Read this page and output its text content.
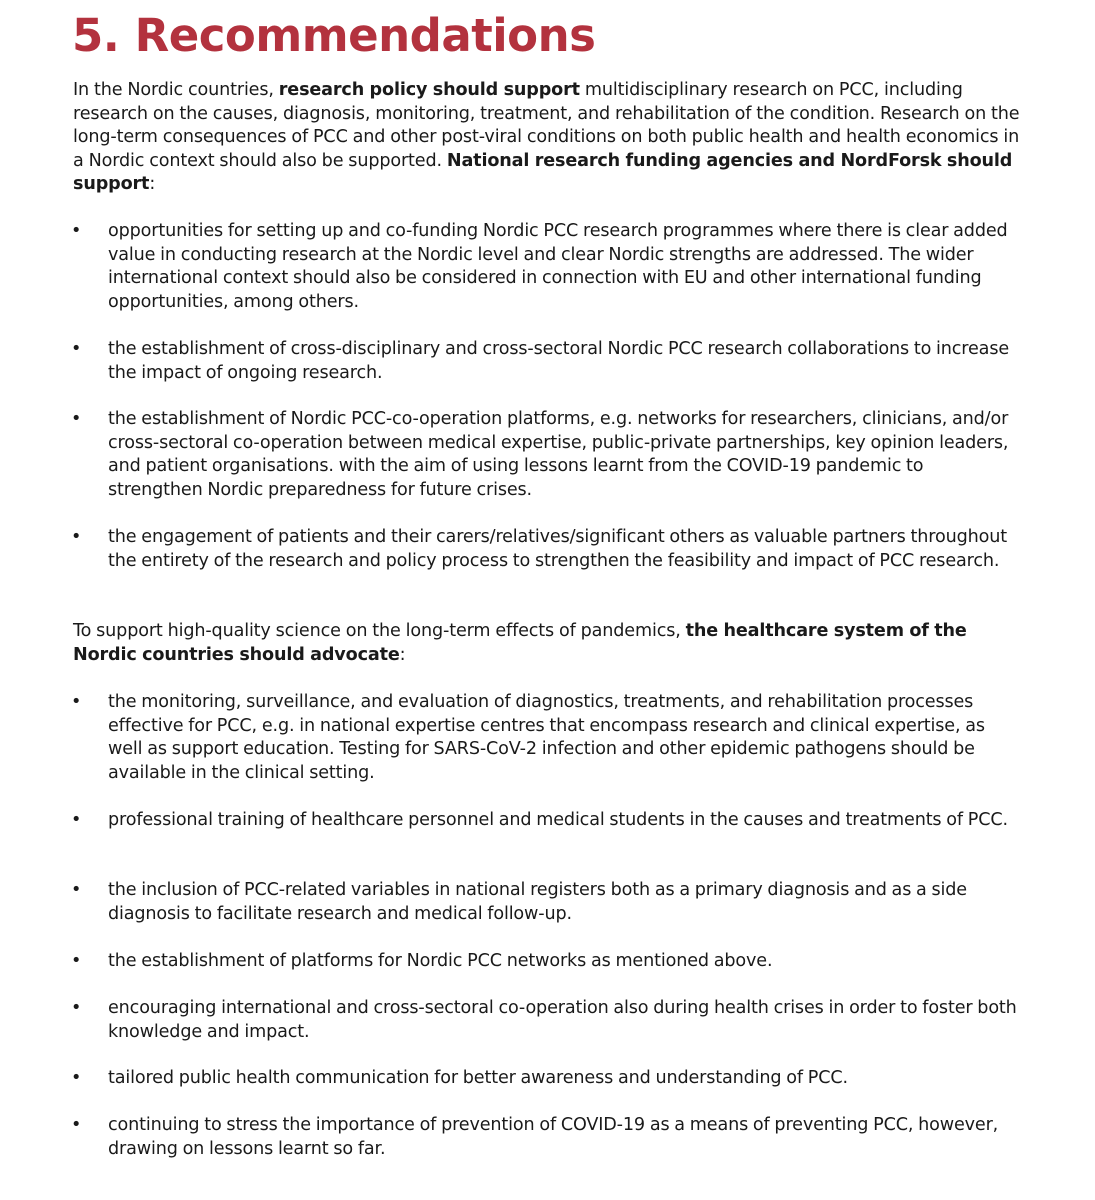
5. Recommendations

In the Nordic countries, research policy should support multidisciplinary research on PCC, including research on the causes, diagnosis, monitoring, treatment, and rehabilitation of the condition. Research on the long-term consequences of PCC and other post-viral conditions on both public health and health economics in a Nordic context should also be supported. National research funding agencies and NordForsk should support:

• opportunities for setting up and co-funding Nordic PCC research programmes where there is clear added value in conducting research at the Nordic level and clear Nordic strengths are addressed. The wider international context should also be considered in connection with EU and other international funding opportunities, among others.
• the establishment of cross-disciplinary and cross-sectoral Nordic PCC research collaborations to increase the impact of ongoing research.
• the establishment of Nordic PCC-co-operation platforms, e.g. networks for researchers, clinicians, and/or cross-sectoral co-operation between medical expertise, public-private partnerships, key opinion leaders, and patient organisations. with the aim of using lessons learnt from the COVID-19 pandemic to strengthen Nordic preparedness for future crises.
• the engagement of patients and their carers/relatives/significant others as valuable partners throughout the entirety of the research and policy process to strengthen the feasibility and impact of PCC research.

To support high-quality science on the long-term effects of pandemics, the healthcare system of the Nordic countries should advocate:

• the monitoring, surveillance, and evaluation of diagnostics, treatments, and rehabilitation processes effective for PCC, e.g. in national expertise centres that encompass research and clinical expertise, as well as support education. Testing for SARS-CoV-2 infection and other epidemic pathogens should be available in the clinical setting.
• professional training of healthcare personnel and medical students in the causes and treatments of PCC.
• the inclusion of PCC-related variables in national registers both as a primary diagnosis and as a side diagnosis to facilitate research and medical follow-up.
• the establishment of platforms for Nordic PCC networks as mentioned above.
• encouraging international and cross-sectoral co-operation also during health crises in order to foster both knowledge and impact.
• tailored public health communication for better awareness and understanding of PCC.
• continuing to stress the importance of prevention of COVID-19 as a means of preventing PCC, however, drawing on lessons learnt so far.
